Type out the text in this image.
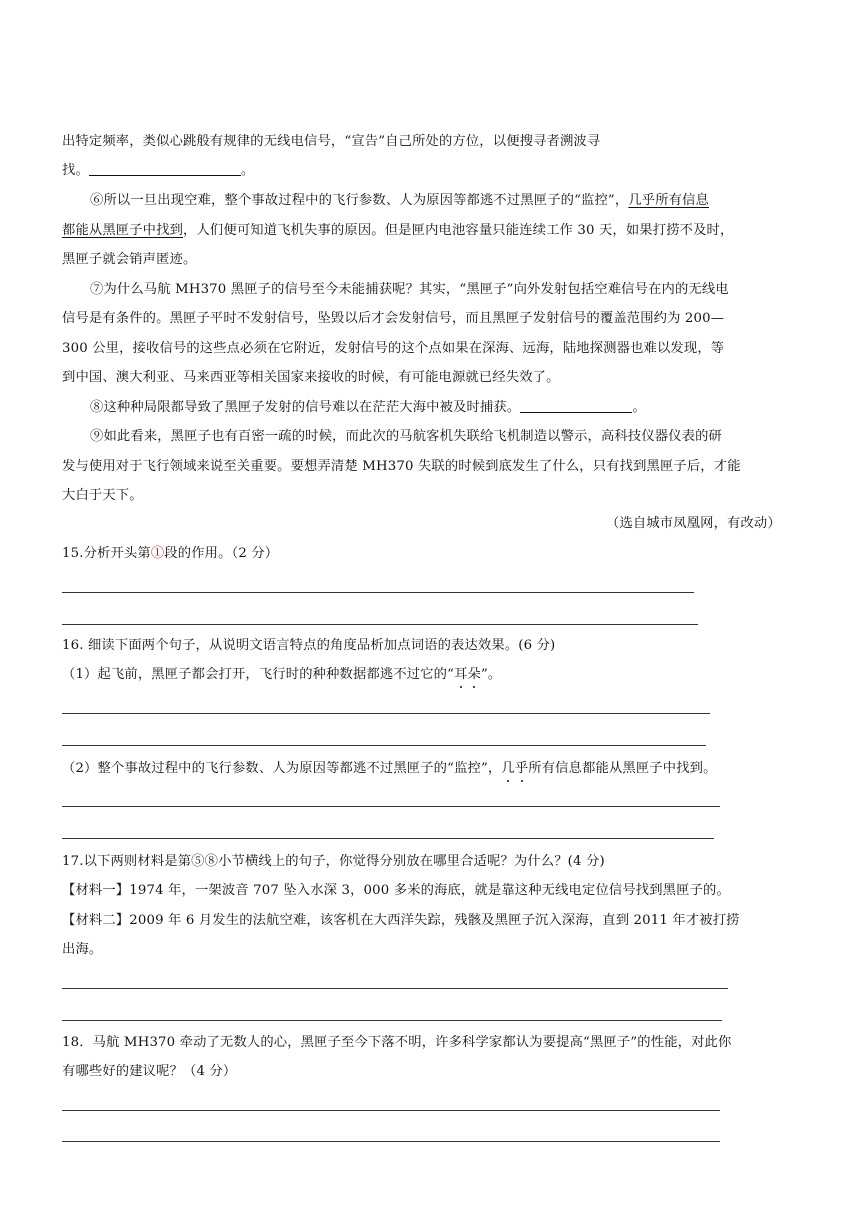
出特定频率，类似心跳般有规律的无线电信号，“宣告”自己所处的方位，以便搜寻者溯波寻
找。	。
⑥所以一旦出现空难，整个事故过程中的飞行参数、人为原因等都逃不过黑匣子的“监控”，几乎所有信息
都能从黑匣子中找到，人们便可知道飞机失事的原因。但是匣内电池容量只能连续工作 30 天，如果打捞不及时，
黑匣子就会销声匿迹。
⑦为什么马航 MH370 黑匣子的信号至今未能捕获呢？其实，“黑匣子”向外发射包括空难信号在内的无线电
信号是有条件的。黑匣子平时不发射信号，坠毁以后才会发射信号，而且黑匣子发射信号的覆盖范围约为 200—
300 公里，接收信号的这些点必须在它附近，发射信号的这个点如果在深海、远海，陆地探测器也难以发现，等
到中国、澳大利亚、马来西亚等相关国家来接收的时候，有可能电源就已经失效了。
⑧这种种局限都导致了黑匣子发射的信号难以在茫茫大海中被及时捕获。	。
⑨如此看来，黑匣子也有百密一疏的时候，而此次的马航客机失联给飞机制造以警示，高科技仪器仪表的研
发与使用对于飞行领域来说至关重要。要想弄清楚 MH370 失联的时候到底发生了什么，只有找到黑匣子后，才能
大白于天下。
（选自城市凤凰网，有改动）
15.分析开头第①段的作用。（2 分）
16. 细读下面两个句子，从说明文语言特点的角度品析加点词语的表达效果。(6 分)
（1）起飞前，黑匣子都会打开，飞行时的种种数据都逃不过它的“耳朵”。
（2）整个事故过程中的飞行参数、人为原因等都逃不过黑匣子的“监控”，几乎所有信息都能从黑匣子中找到。
17.以下两则材料是第⑤⑧小节横线上的句子，你觉得分别放在哪里合适呢？为什么？(4 分)
【材料一】1974 年，一架波音 707 坠入水深 3，000 多米的海底，就是靠这种无线电定位信号找到黑匣子的。
【材料二】2009 年 6 月发生的法航空难，该客机在大西洋失踪，残骸及黑匣子沉入深海，直到 2011 年才被打捞
出海。
18．马航 MH370 牵动了无数人的心，黑匣子至今下落不明，许多科学家都认为要提高“黑匣子”的性能，对此你
有哪些好的建议呢？（4 分）
